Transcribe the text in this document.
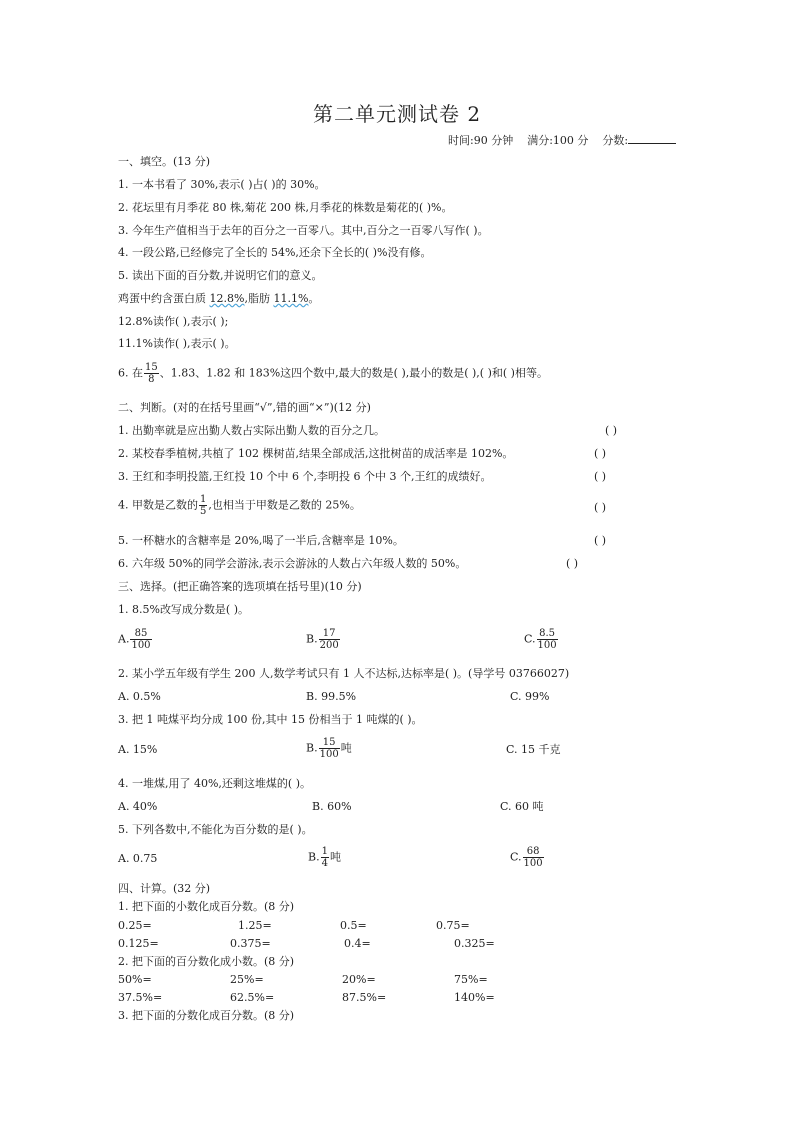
第二单元测试卷 2
时间:90 分钟 满分:100 分 分数:
一、填空。(13 分)
1. 一本书看了 30%,表示( )占( )的 30%。
2. 花坛里有月季花 80 株,菊花 200 株,月季花的株数是菊花的( )%。
3. 今年生产值相当于去年的百分之一百零八。其中,百分之一百零八写作( )。
4. 一段公路,已经修完了全长的 54%,还余下全长的( )%没有修。
5. 读出下面的百分数,并说明它们的意义。
鸡蛋中约含蛋白质 12.8%,脂肪 11.1%。
12.8%读作( ),表示( );
11.1%读作( ),表示( )。
6. 在 $\frac{15}{8}$ 、1.83、1.82 和 183%这四个数中,最大的数是( ),最小的数是( ),( )和( )相等。
二、判断。(对的在括号里画“√”,错的画“×”)(12 分)
1. 出勤率就是应出勤人数占实际出勤人数的百分之几。	( )
2. 某校春季植树,共植了 102 棵树苗,结果全部成活,这批树苗的成活率是 102%。	( )
3. 王红和李明投篮,王红投 10 个中 6 个,李明投 6 个中 3 个,王红的成绩好。	( )
4. 甲数是乙数的 $\frac{1}{5}$ ,也相当于甲数是乙数的 25%。	( )
5. 一杯糖水的含糖率是 20%,喝了一半后,含糖率是 10%。	( )
6. 六年级 50%的同学会游泳,表示会游泳的人数占六年级人数的 50%。	( )
三、选择。(把正确答案的选项填在括号里)(10 分)
1. 8.5%改写成分数是( )。
A. $\frac{85}{100}$	B. $\frac{17}{200}$	C. $\frac{8.5}{100}$
2. 某小学五年级有学生 200 人,数学考试只有 1 人不达标,达标率是( )。(导学号 03766027)
A. 0.5%	B. 99.5%	C. 99%
3. 把 1 吨煤平均分成 100 份,其中 15 份相当于 1 吨煤的( )。
A. 15%	B. $\frac{15}{100}$ 吨	C. 15 千克
4. 一堆煤,用了 40%,还剩这堆煤的( )。
A. 40%	B. 60%	C. 60 吨
5. 下列各数中,不能化为百分数的是( )。
A. 0.75	B. $\frac{1}{4}$ 吨	C. $\frac{68}{100}$
四、计算。(32 分)
1. 把下面的小数化成百分数。(8 分)
0.25=	1.25=	0.5=	0.75=
0.125=	0.375=	0.4=	0.325=
2. 把下面的百分数化成小数。(8 分)
50%=	25%=	20%=	75%=
37.5%=	62.5%=	87.5%=	140%=
3. 把下面的分数化成百分数。(8 分)
